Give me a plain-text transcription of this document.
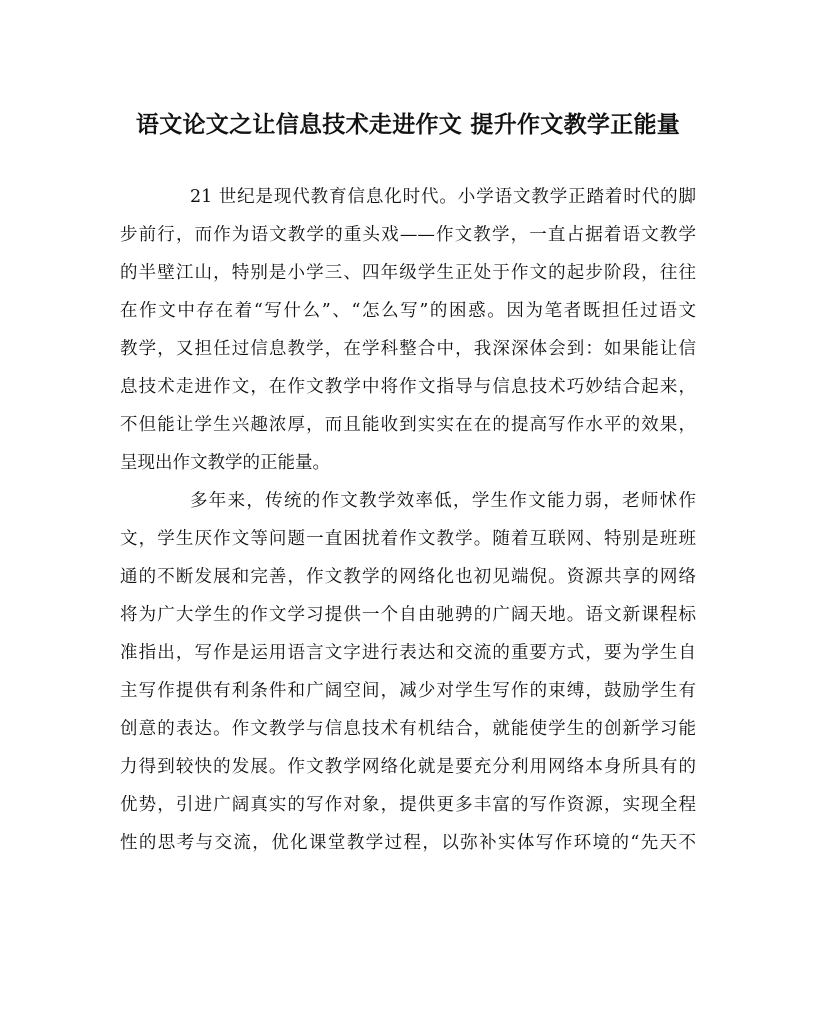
语文论文之让信息技术走进作文 提升作文教学正能量
21 世纪是现代教育信息化时代。小学语文教学正踏着时代的脚
步前行，而作为语文教学的重头戏——作文教学，一直占据着语文教学
的半壁江山，特别是小学三、四年级学生正处于作文的起步阶段，往往
在作文中存在着“写什么”、“怎么写”的困惑。因为笔者既担任过语文
教学，又担任过信息教学，在学科整合中，我深深体会到：如果能让信
息技术走进作文，在作文教学中将作文指导与信息技术巧妙结合起来，
不但能让学生兴趣浓厚，而且能收到实实在在的提高写作水平的效果，
呈现出作文教学的正能量。
多年来，传统的作文教学效率低，学生作文能力弱，老师怵作
文，学生厌作文等问题一直困扰着作文教学。随着互联网、特别是班班
通的不断发展和完善，作文教学的网络化也初见端倪。资源共享的网络
将为广大学生的作文学习提供一个自由驰骋的广阔天地。语文新课程标
准指出，写作是运用语言文字进行表达和交流的重要方式，要为学生自
主写作提供有利条件和广阔空间，减少对学生写作的束缚，鼓励学生有
创意的表达。作文教学与信息技术有机结合，就能使学生的创新学习能
力得到较快的发展。作文教学网络化就是要充分利用网络本身所具有的
优势，引进广阔真实的写作对象，提供更多丰富的写作资源，实现全程
性的思考与交流，优化课堂教学过程，以弥补实体写作环境的“先天不
